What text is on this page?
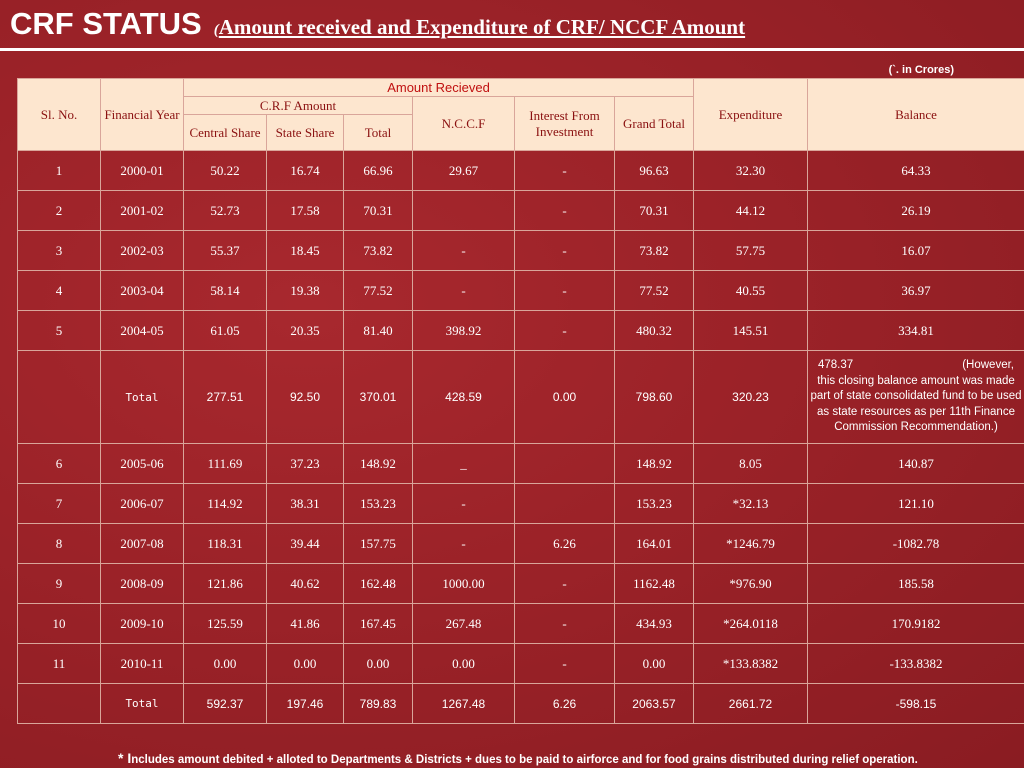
CRF STATUS ( Amount received and Expenditure of CRF/ NCCF Amount
(`. in Crores)
Sl. No.	Financial Year	Amount Recieved						Expenditure	Balance
		C.R.F Amount			N.C.C.F	Interest From Investment	Grand Total		
		Central Share	State Share	Total					
1	2000-01	50.22	16.74	66.96	29.67	-	96.63	32.30	64.33
2	2001-02	52.73	17.58	70.31		-	70.31	44.12	26.19
3	2002-03	55.37	18.45	73.82	-	-	73.82	57.75	16.07
4	2003-04	58.14	19.38	77.52	-	-	77.52	40.55	36.97
5	2004-05	61.05	20.35	81.40	398.92	-	480.32	145.51	334.81
	Total	277.51	92.50	370.01	428.59	0.00	798.60	320.23	478.37 (However,
this closing balance amount was made part of state consolidated fund to be used as state resources as per 11th Finance Commission Recommendation.)

6	2005-06	111.69	37.23	148.92	_		148.92	8.05	140.87
7	2006-07	114.92	38.31	153.23	-		153.23	*32.13	121.10
8	2007-08	118.31	39.44	157.75	-	6.26	164.01	*1246.79	-1082.78
9	2008-09	121.86	40.62	162.48	1000.00	-	1162.48	*976.90	185.58
10	2009-10	125.59	41.86	167.45	267.48	-	434.93	*264.0118	170.9182
11	2010-11	0.00	0.00	0.00	0.00	-	0.00	*133.8382	-133.8382
	Total	592.37	197.46	789.83	1267.48	6.26	2063.57	2661.72	-598.15
* Includes amount debited + alloted to Departments & Districts + dues to be paid to airforce and for food grains distributed during relief operation.
